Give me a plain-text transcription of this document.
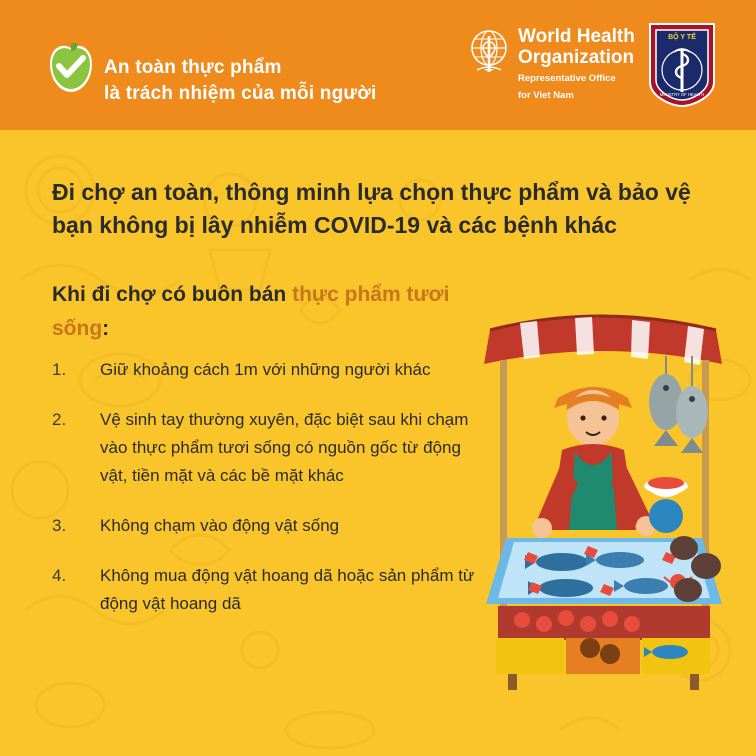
An toàn thực phẩm
là trách nhiệm của mỗi người
World Health
Organization
Representative Office
for Viet Nam
BỘ Y TẾ
MINISTRY OF HEALTH
Đi chợ an toàn, thông minh lựa chọn thực phẩm và bảo vệ bạn không bị lây nhiễm COVID-19 và các bệnh khác
Khi đi chợ có buôn bán thực phẩm tươi sống:
1.	Giữ khoảng cách 1m với những người khác
2.	Vệ sinh tay thường xuyên, đặc biệt sau khi chạm vào thực phẩm tươi sống có nguồn gốc từ động vật, tiền mặt và các bề mặt khác
3.	Không chạm vào động vật sống
4.	Không mua động vật hoang dã hoặc sản phẩm từ động vật hoang dã
